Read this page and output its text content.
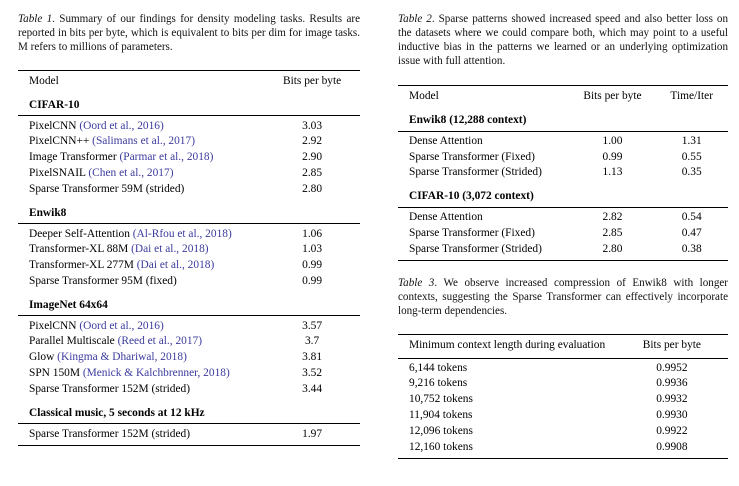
Table 1. Summary of our findings for density modeling tasks. Results are reported in bits per byte, which is equivalent to bits per dim for image tasks. M refers to millions of parameters.
Model	Bits per byte
CIFAR-10	
PixelCNN (Oord et al., 2016)	3.03
PixelCNN++ (Salimans et al., 2017)	2.92
Image Transformer (Parmar et al., 2018)	2.90
PixelSNAIL (Chen et al., 2017)	2.85
Sparse Transformer 59M (strided)	2.80
Enwik8	
Deeper Self-Attention (Al-Rfou et al., 2018)	1.06
Transformer-XL 88M (Dai et al., 2018)	1.03
Transformer-XL 277M (Dai et al., 2018)	0.99
Sparse Transformer 95M (fixed)	0.99
ImageNet 64x64	
PixelCNN (Oord et al., 2016)	3.57
Parallel Multiscale (Reed et al., 2017)	3.7
Glow (Kingma & Dhariwal, 2018)	3.81
SPN 150M (Menick & Kalchbrenner, 2018)	3.52
Sparse Transformer 152M (strided)	3.44
Classical music, 5 seconds at 12 kHz	
Sparse Transformer 152M (strided)	1.97
Table 2. Sparse patterns showed increased speed and also better loss on the datasets where we could compare both, which may point to a useful inductive bias in the patterns we learned or an underlying optimization issue with full attention.
Model	Bits per byte	Time/Iter
Enwik8 (12,288 context)		
Dense Attention	1.00	1.31
Sparse Transformer (Fixed)	0.99	0.55
Sparse Transformer (Strided)	1.13	0.35
CIFAR-10 (3,072 context)		
Dense Attention	2.82	0.54
Sparse Transformer (Fixed)	2.85	0.47
Sparse Transformer (Strided)	2.80	0.38
Table 3. We observe increased compression of Enwik8 with longer contexts, suggesting the Sparse Transformer can effectively incorporate long-term dependencies.
Minimum context length during evaluation	Bits per byte
6,144 tokens	0.9952
9,216 tokens	0.9936
10,752 tokens	0.9932
11,904 tokens	0.9930
12,096 tokens	0.9922
12,160 tokens	0.9908
